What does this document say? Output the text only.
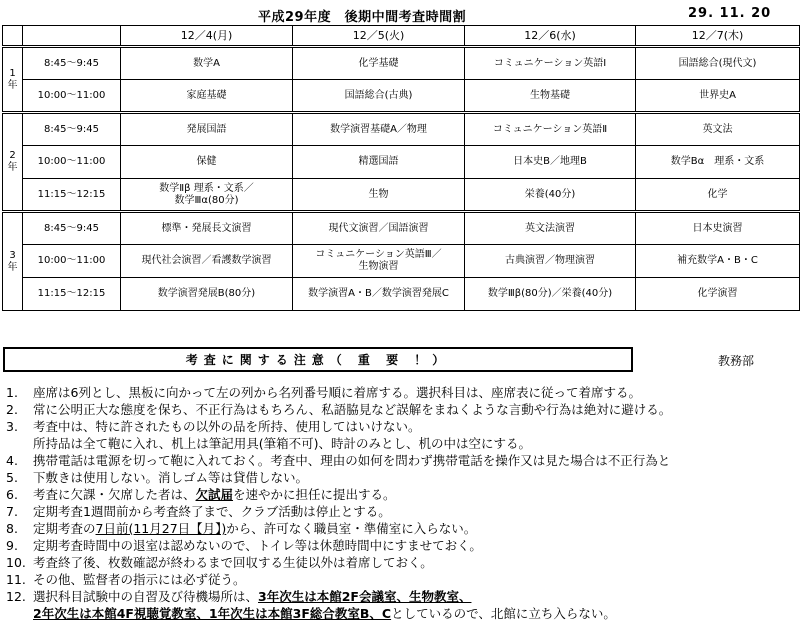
平成29年度　後期中間考査時間割	29. 11. 20
		12／4(月)	12／5(火)	12／6(水)	12／7(木)

1
年	8:45～9:45	数学A	化学基礎	コミュニケーション英語Ⅰ	国語総合(現代文)
	10:00～11:00	家庭基礎	国語総合(古典)	生物基礎	世界史A

2
年	8:45～9:45	発展国語	数学演習基礎A／物理	コミュニケーション英語Ⅱ	英文法
	10:00～11:00	保健	精選国語	日本史B／地理B	数学Bα　理系・文系
	11:15～12:15	数学Ⅱβ 理系・文系／
数学Ⅲα(80分)	生物	栄養(40分)	化学

3
年	8:45～9:45	標準・発展長文演習	現代文演習／国語演習	英文法演習	日本史演習
	10:00～11:00	現代社会演習／看護数学演習	コミュニケーション英語Ⅲ／
生物演習	古典演習／物理演習	補充数学A・B・C
	11:15～12:15	数学演習発展B(80分)	数学演習A・B／数学演習発展C	数学Ⅲβ(80分)／栄養(40分)	化学演習
考査に関する注意（ 重 要 ！）	教務部
1. 座席は6列とし、黒板に向かって左の列から名列番号順に着席する。選択科目は、座席表に従って着席する。
2. 常に公明正大な態度を保ち、不正行為はもちろん、私語脇見など誤解をまねくような言動や行為は絶対に避ける。
3. 考査中は、特に許されたもの以外の品を所持、使用してはいけない。
所持品は全て鞄に入れ、机上は筆記用具(筆箱不可)、時計のみとし、机の中は空にする。
4. 携帯電話は電源を切って鞄に入れておく。考査中、理由の如何を問わず携帯電話を操作又は見た場合は不正行為と
5. 下敷きは使用しない。消しゴム等は貸借しない。
6. 考査に欠課・欠席した者は、欠試届を速やかに担任に提出する。
7. 定期考査1週間前から考査終了まで、クラブ活動は停止とする。
8. 定期考査の7日前(11月27日【月】)から、許可なく職員室・準備室に入らない。
9. 定期考査時間中の退室は認めないので、トイレ等は休憩時間中にすませておく。
10. 考査終了後、枚数確認が終わるまで回収する生徒以外は着席しておく。
11. その他、監督者の指示には必ず従う。
12. 選択科目試験中の自習及び待機場所は、3年次生は本館2F会議室、生物教室、
2年次生は本館4F視聴覚教室、1年次生は本館3F総合教室B、Cとしているので、北館に立ち入らない。
